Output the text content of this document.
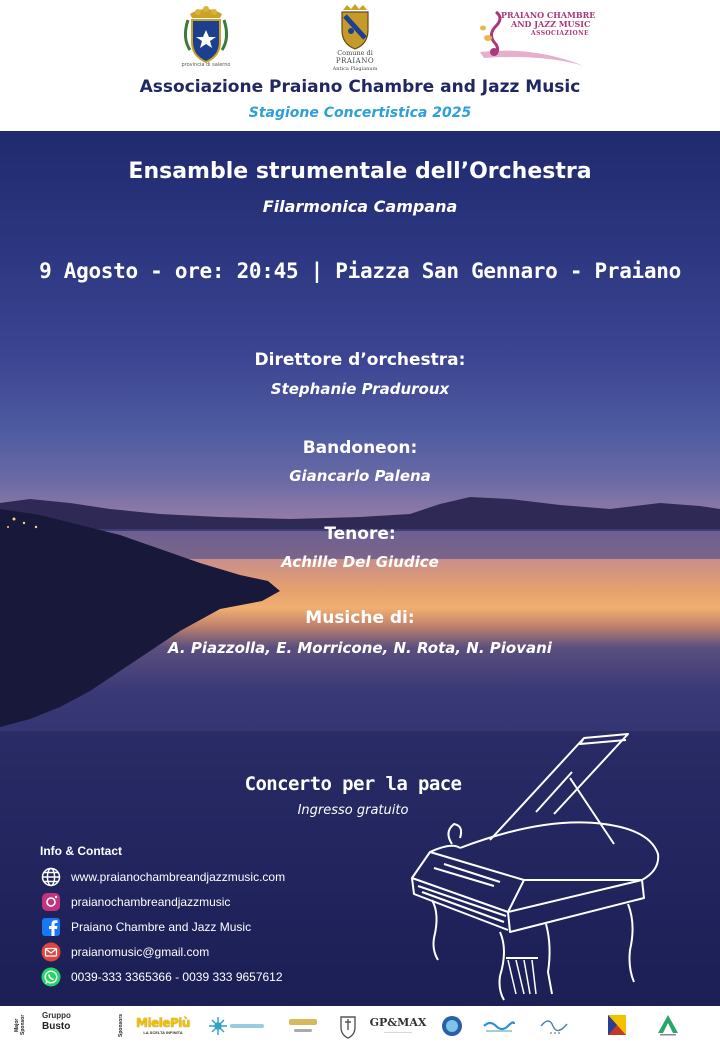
provincia di salerno
Comune di
PRAIANO
Antica Plagianum
PRAIANO CHAMBRE
AND JAZZ MUSIC
ASSOCIAZIONE
Associazione Praiano Chambre and Jazz Music
Stagione Concertistica 2025
Ensamble strumentale dell’Orchestra
Filarmonica Campana
9 Agosto - ore: 20:45 | Piazza San Gennaro - Praiano
Direttore d’orchestra:
Stephanie Praduroux
Bandoneon:
Giancarlo Palena
Tenore:
Achille Del Giudice
Musiche di:
A. Piazzolla, E. Morricone, N. Rota, N. Piovani
Concerto per la pace
Ingresso gratuito
Info & Contact
www.praianochambreandjazzmusic.com
praianochambreandjazzmusic
Praiano Chambre and Jazz Music
praianomusic@gmail.com
0039-333 3365366 - 0039 333 9657612
Major Sponsor Gruppo
Busto	Sponsors	MielePiù
LA SCELTA INFINITA
GP&MAX
―――――――
